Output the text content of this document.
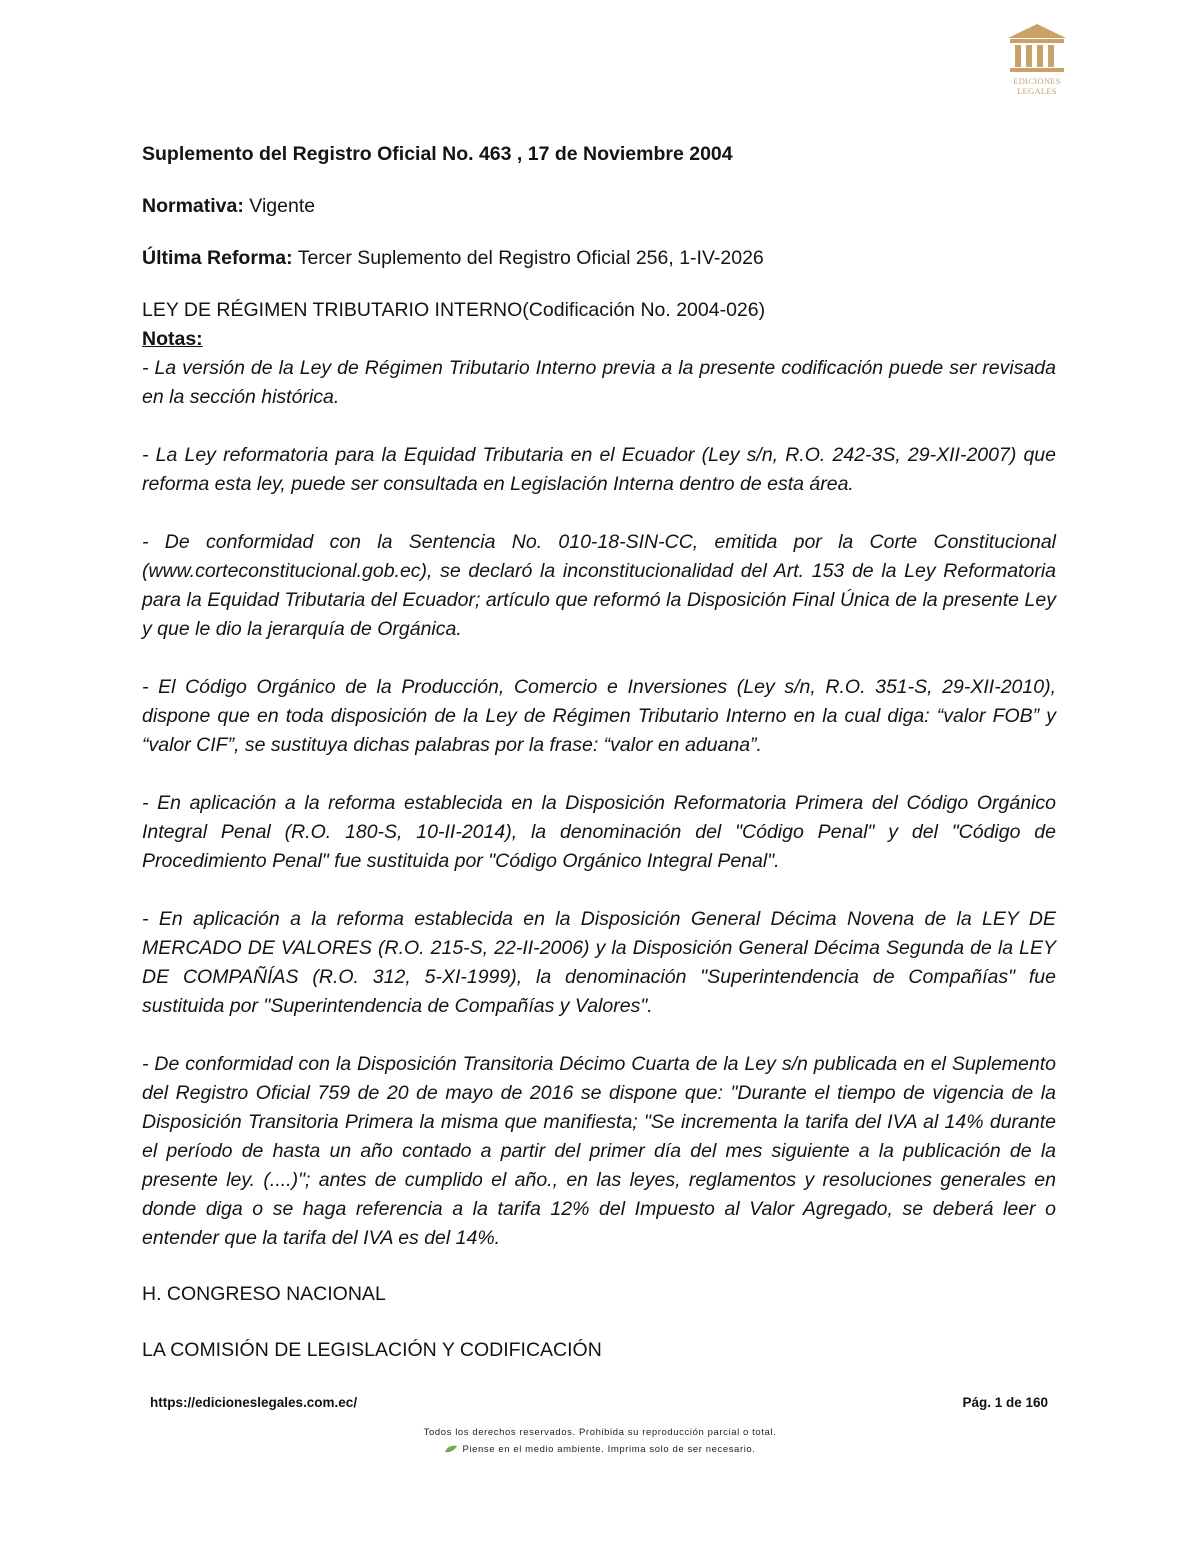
EDICIONES
LEGALES

Suplemento del Registro Oficial No. 463 , 17 de Noviembre 2004

Normativa: Vigente

Última Reforma: Tercer Suplemento del Registro Oficial 256, 1-IV-2026

LEY DE RÉGIMEN TRIBUTARIO INTERNO(Codificación No. 2004-026)

Notas:

- La versión de la Ley de Régimen Tributario Interno previa a la presente codificación puede ser revisada en la sección histórica.

- La Ley reformatoria para la Equidad Tributaria en el Ecuador (Ley s/n, R.O. 242-3S, 29-XII-2007) que reforma esta ley, puede ser consultada en Legislación Interna dentro de esta área.

- De conformidad con la Sentencia No. 010-18-SIN-CC, emitida por la Corte Constitucional (www.corteconstitucional.gob.ec), se declaró la inconstitucionalidad del Art. 153 de la Ley Reformatoria para la Equidad Tributaria del Ecuador; artículo que reformó la Disposición Final Única de la presente Ley y que le dio la jerarquía de Orgánica.

- El Código Orgánico de la Producción, Comercio e Inversiones (Ley s/n, R.O. 351-S, 29-XII-2010), dispone que en toda disposición de la Ley de Régimen Tributario Interno en la cual diga: “valor FOB” y “valor CIF”, se sustituya dichas palabras por la frase: “valor en aduana”.

- En aplicación a la reforma establecida en la Disposición Reformatoria Primera del Código Orgánico Integral Penal (R.O. 180-S, 10-II-2014), la denominación del "Código Penal" y del "Código de Procedimiento Penal" fue sustituida por "Código Orgánico Integral Penal".

- En aplicación a la reforma establecida en la Disposición General Décima Novena de la LEY DE MERCADO DE VALORES (R.O. 215-S, 22-II-2006) y la Disposición General Décima Segunda de la LEY DE COMPAÑÍAS (R.O. 312, 5-XI-1999), la denominación "Superintendencia de Compañías" fue sustituida por "Superintendencia de Compañías y Valores".

- De conformidad con la Disposición Transitoria Décimo Cuarta de la Ley s/n publicada en el Suplemento del Registro Oficial 759 de 20 de mayo de 2016 se dispone que: "Durante el tiempo de vigencia de la Disposición Transitoria Primera la misma que manifiesta; "Se incrementa la tarifa del IVA al 14% durante el período de hasta un año contado a partir del primer día del mes siguiente a la publicación de la presente ley. (....)"; antes de cumplido el año., en las leyes, reglamentos y resoluciones generales en donde diga o se haga referencia a la tarifa 12% del Impuesto al Valor Agregado, se deberá leer o entender que la tarifa del IVA es del 14%.

H. CONGRESO NACIONAL

LA COMISIÓN DE LEGISLACIÓN Y CODIFICACIÓN

https://edicioneslegales.com.ec/	Pág. 1 de 160
Todos los derechos reservados. Prohibida su reproducción parcial o total.
Piense en el medio ambiente. Imprima solo de ser necesario.
